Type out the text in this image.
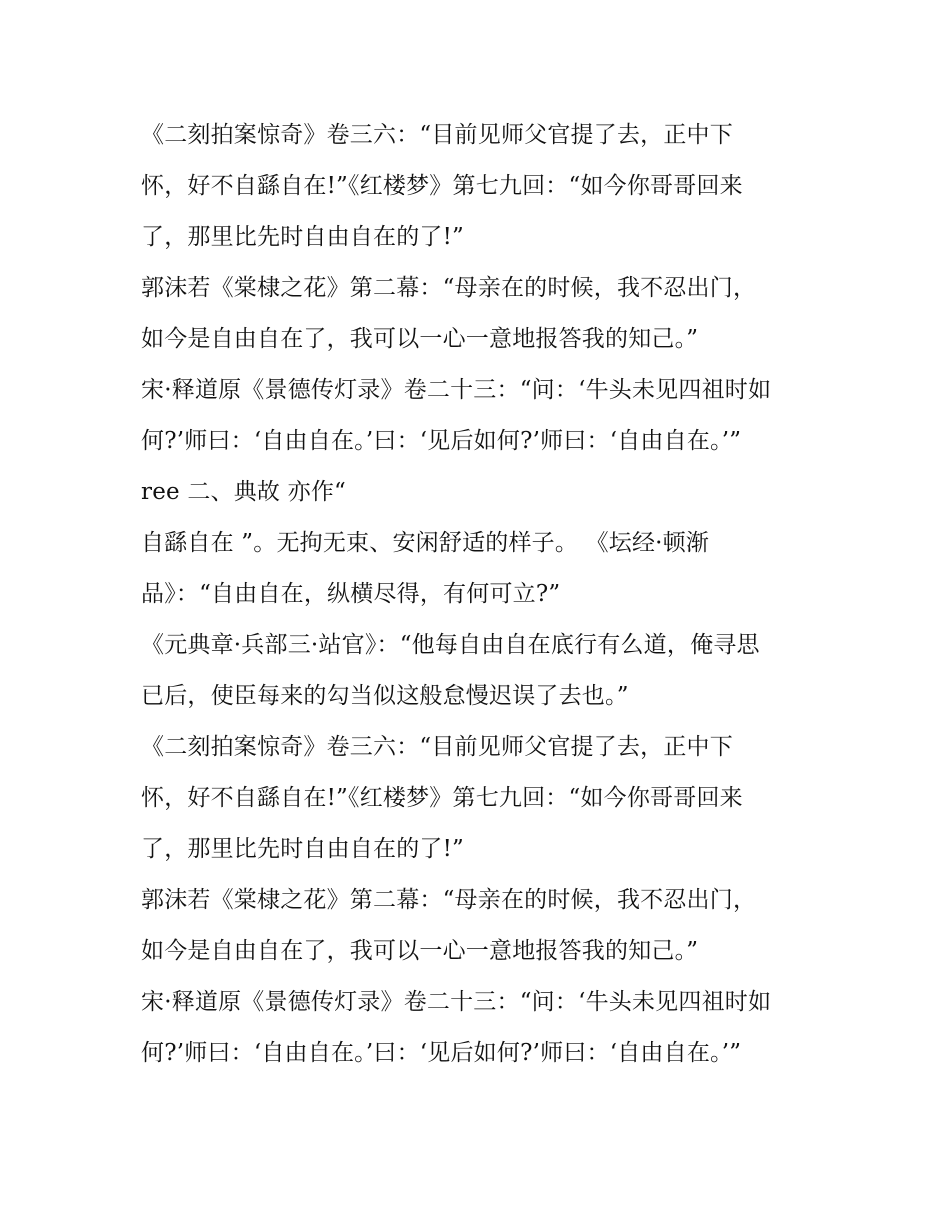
《二刻拍案惊奇》卷三六：“目前见师父官提了去，正中下
怀，好不自繇自在!”《红楼梦》第七九回：“如今你哥哥回来
了，那里比先时自由自在的了!”
郭沫若《棠棣之花》第二幕：“母亲在的时候，我不忍出门，
如今是自由自在了，我可以一心一意地报答我的知己。”
宋·释道原《景德传灯录》卷二十三：“问：‘牛头未见四祖时如
何?’师曰：‘自由自在。’曰：‘见后如何?’师曰：‘自由自在。’”
ree 二、典故 亦作“
自繇自在 ”。无拘无束、安闲舒适的样子。 《坛经·顿渐
品》：“自由自在，纵横尽得，有何可立?”
《元典章·兵部三·站官》：“他每自由自在底行有么道，俺寻思
已后，使臣每来的勾当似这般怠慢迟误了去也。”
《二刻拍案惊奇》卷三六：“目前见师父官提了去，正中下
怀，好不自繇自在!”《红楼梦》第七九回：“如今你哥哥回来
了，那里比先时自由自在的了!”
郭沫若《棠棣之花》第二幕：“母亲在的时候，我不忍出门，
如今是自由自在了，我可以一心一意地报答我的知己。”
宋·释道原《景德传灯录》卷二十三：“问：‘牛头未见四祖时如
何?’师曰：‘自由自在。’曰：‘见后如何?’师曰：‘自由自在。’”
